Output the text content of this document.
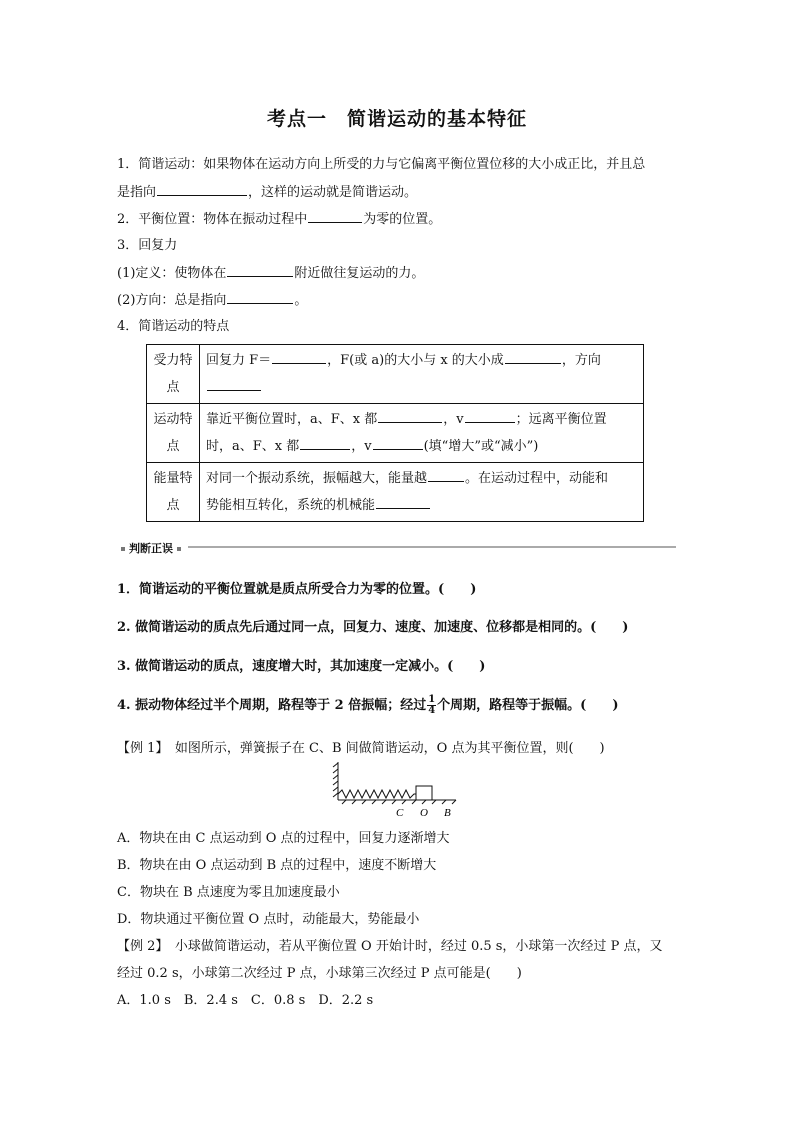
考点一　简谐运动的基本特征
1．简谐运动：如果物体在运动方向上所受的力与它偏离平衡位置位移的大小成正比，并且总
是指向	，这样的运动就是简谐运动。
2．平衡位置：物体在振动过程中	为零的位置。
3．回复力
(1)定义：使物体在	附近做往复运动的力。
(2)方向：总是指向	。
4．简谐运动的特点
受力特点	回复力 F＝ ，F(或 a)的大小与 x 的大小成 ，方向

运动特点	靠近平衡位置时，a、F、x 都 ，v ；远离平衡位置
时，a、F、x 都 ，v (填“增大”或“减小”)
能量特点	对同一个振动系统，振幅越大，能量越 。在运动过程中，动能和
势能相互转化，系统的机械能
判断正误
1．简谐运动的平衡位置就是质点所受合力为零的位置。(　　)
2. 做简谐运动的质点先后通过同一点，回复力、速度、加速度、位移都是相同的。(　　)
3. 做简谐运动的质点，速度增大时，其加速度一定减小。(　　)
4. 振动物体经过半个周期，路程等于 2 倍振幅；经过 $\frac{1}{4}$ 个周期，路程等于振幅。(　　)
【例 1】　如图所示，弹簧振子在 C、B 间做简谐运动，O 点为其平衡位置，则(　　)
C O B
A．物块在由 C 点运动到 O 点的过程中，回复力逐渐增大
B．物块在由 O 点运动到 B 点的过程中，速度不断增大
C．物块在 B 点速度为零且加速度最小
D．物块通过平衡位置 O 点时，动能最大，势能最小
【例 2】　小球做简谐运动，若从平衡位置 O 开始计时，经过 0.5 s，小球第一次经过 P 点，又
经过 0.2 s，小球第二次经过 P 点，小球第三次经过 P 点可能是(　　)
A．1.0 s　B．2.4 s　C．0.8 s　D．2.2 s
